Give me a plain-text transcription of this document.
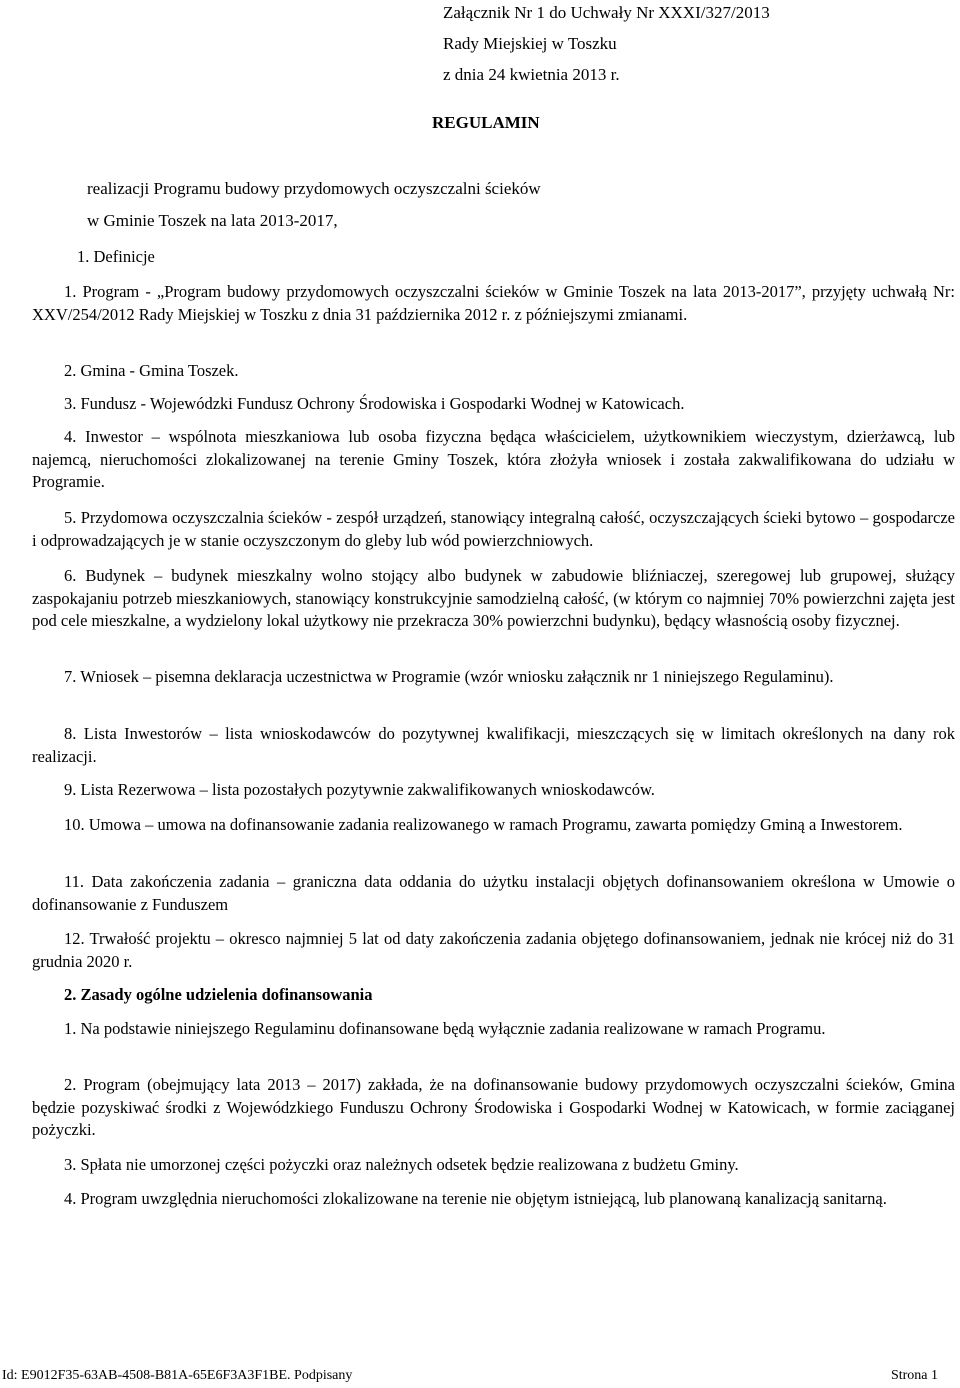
Załącznik Nr 1 do Uchwały Nr XXXI/327/2013
Rady Miejskiej w Toszku
z dnia 24 kwietnia 2013 r.
REGULAMIN
realizacji Programu budowy przydomowych oczyszczalni ścieków
w Gminie Toszek na lata 2013-2017,
1. Definicje
1. Program - „Program budowy przydomowych oczyszczalni ścieków w Gminie Toszek na lata 2013-2017”, przyjęty uchwałą Nr: XXV/254/2012 Rady Miejskiej w Toszku z dnia 31 października 2012 r. z późniejszymi zmianami.
2. Gmina - Gmina Toszek.
3. Fundusz - Wojewódzki Fundusz Ochrony Środowiska i Gospodarki Wodnej w Katowicach.
4. Inwestor – wspólnota mieszkaniowa lub osoba fizyczna będąca właścicielem, użytkownikiem wieczystym, dzierżawcą, lub najemcą, nieruchomości zlokalizowanej na terenie Gminy Toszek, która złożyła wniosek i została zakwalifikowana do udziału w Programie.
5. Przydomowa oczyszczalnia ścieków - zespół urządzeń, stanowiący integralną całość, oczyszczających ścieki bytowo – gospodarcze i odprowadzających je w stanie oczyszczonym do gleby lub wód powierzchniowych.
6. Budynek – budynek mieszkalny wolno stojący albo budynek w zabudowie bliźniaczej, szeregowej lub grupowej, służący zaspokajaniu potrzeb mieszkaniowych, stanowiący konstrukcyjnie samodzielną całość, (w którym co najmniej 70% powierzchni zajęta jest pod cele mieszkalne, a wydzielony lokal użytkowy nie przekracza 30% powierzchni budynku), będący własnością osoby fizycznej.
7. Wniosek – pisemna deklaracja uczestnictwa w Programie (wzór wniosku załącznik nr 1 niniejszego Regulaminu).
8. Lista Inwestorów – lista wnioskodawców do pozytywnej kwalifikacji, mieszczących się w limitach określonych na dany rok realizacji.
9. Lista Rezerwowa – lista pozostałych pozytywnie zakwalifikowanych wnioskodawców.
10. Umowa – umowa na dofinansowanie zadania realizowanego w ramach Programu, zawarta pomiędzy Gminą a Inwestorem.
11. Data zakończenia zadania – graniczna data oddania do użytku instalacji objętych dofinansowaniem określona w Umowie o dofinansowanie z Funduszem
12. Trwałość projektu – okresco najmniej 5 lat od daty zakończenia zadania objętego dofinansowaniem, jednak nie krócej niż do 31 grudnia 2020 r.
2. Zasady ogólne udzielenia dofinansowania
1. Na podstawie niniejszego Regulaminu dofinansowane będą wyłącznie zadania realizowane w ramach Programu.
2. Program (obejmujący lata 2013 – 2017) zakłada, że na dofinansowanie budowy przydomowych oczyszczalni ścieków, Gmina będzie pozyskiwać środki z Wojewódzkiego Funduszu Ochrony Środowiska i Gospodarki Wodnej w Katowicach, w formie zaciąganej pożyczki.
3. Spłata nie umorzonej części pożyczki oraz należnych odsetek będzie realizowana z budżetu Gminy.
4. Program uwzględnia nieruchomości zlokalizowane na terenie nie objętym istniejącą, lub planowaną kanalizacją sanitarną.
Id: E9012F35-63AB-4508-B81A-65E6F3A3F1BE. Podpisany	Strona 1
